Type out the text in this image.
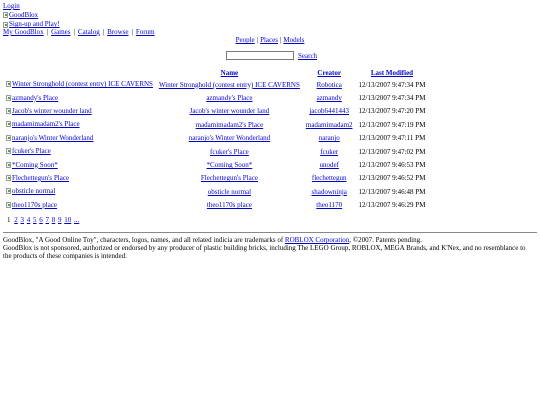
Login
GoodBlox
Sign-up and Play!
My GoodBlox | Games | Catalog | Browse | Forum
People | Places | Models
Search
	Name	Creator	Last Modified

Winter Stronghold (contest entry) ICE CAVERNS	Winter Stronghold (contest entry) ICE CAVERNS	Robotica	12/13/2007 9:47:34 PM

azmandy's Place	azmandy's Place	azmandy	12/13/2007 9:47:34 PM

Jacob's winter wounder land	Jacob's winter wounder land	jacob6441443	12/13/2007 9:47:20 PM

madamimadam2's Place	madamimadam2's Place	madamimadam2	12/13/2007 9:47:19 PM

naranjo's Winter Wonderland	naranjo's Winter Wonderland	naranjo	12/13/2007 9:47:11 PM

fcuker's Place	fcuker's Place	fcuker	12/13/2007 9:47:02 PM

*Coming Soon*	*Coming Soon*	unodef	12/13/2007 9:46:53 PM

Flechettegun's Place	Flechettegun's Place	flechettegun	12/13/2007 9:46:52 PM

obsticle normal	obsticle normal	shadowninja	12/13/2007 9:46:48 PM

theo1170s place	theo1170s place	theo1170	12/13/2007 9:46:29 PM
1 2 3 4 5 6 7 8 9 10 ...
GoodBlox, "A Good Online Toy", characters, logos, names, and all related indicia are trademarks of ROBLOX Corporation, ©2007. Patents pending.
GoodBlox is not sponsored, authorized or endorsed by any producer of plastic building bricks, including The LEGO Group, ROBLOX, MEGA Brands, and K'Nex, and no resemblance to the products of these companies is intended.
